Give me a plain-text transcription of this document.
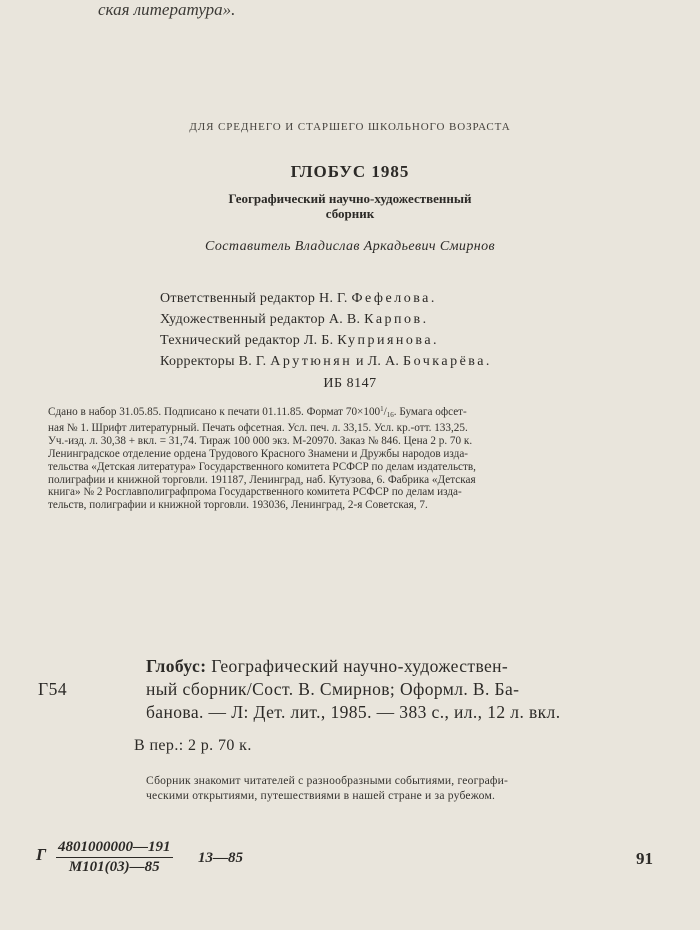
ская литература».
ДЛЯ СРЕДНЕГО И СТАРШЕГО ШКОЛЬНОГО ВОЗРАСТА
ГЛОБУС 1985
Географический научно-художественный
сборник
Составитель Владислав Аркадьевич Смирнов
Ответственный редактор Н. Г. Фефелова.
Художественный редактор А. В. Карпов.
Технический редактор Л. Б. Куприянова.
Корректоры В. Г. Арутюнян и Л. А. Бочкарёва.
ИБ 8147
Сдано в набор 31.05.85. Подписано к печати 01.11.85. Формат $70\times 100^1/_{16}$. Бумага офсет-
ная № 1. Шрифт литературный. Печать офсетная. Усл. печ. л. 33,15. Усл. кр.-отт. 133,25.
Уч.-изд. л. 30,38 + вкл. = 31,74. Тираж 100 000 экз. М-20970. Заказ № 846. Цена 2 р. 70 к.
Ленинградское отделение ордена Трудового Красного Знамени и Дружбы народов изда-
тельства «Детская литература» Государственного комитета РСФСР по делам издательств,
полиграфии и книжной торговли. 191187, Ленинград, наб. Кутузова, 6. Фабрика «Детская
книга» № 2 Росглавполиграфпрома Государственного комитета РСФСР по делам изда-
тельств, полиграфии и книжной торговли. 193036, Ленинград, 2-я Советская, 7.
Глобус: Географический научно-художествен-
ный сборник/Сост. В. Смирнов; Оформл. В. Ба-
банова. — Л: Дет. лит., 1985. — 383 с., ил., 12 л. вкл.
Г54
В пер.: 2 р. 70 к.
Сборник знакомит читателей с разнообразными событиями, географи-
ческими открытиями, путешествиями в нашей стране и за рубежом.
Г 4801000000—191
М101(03)—85
13—85	91
